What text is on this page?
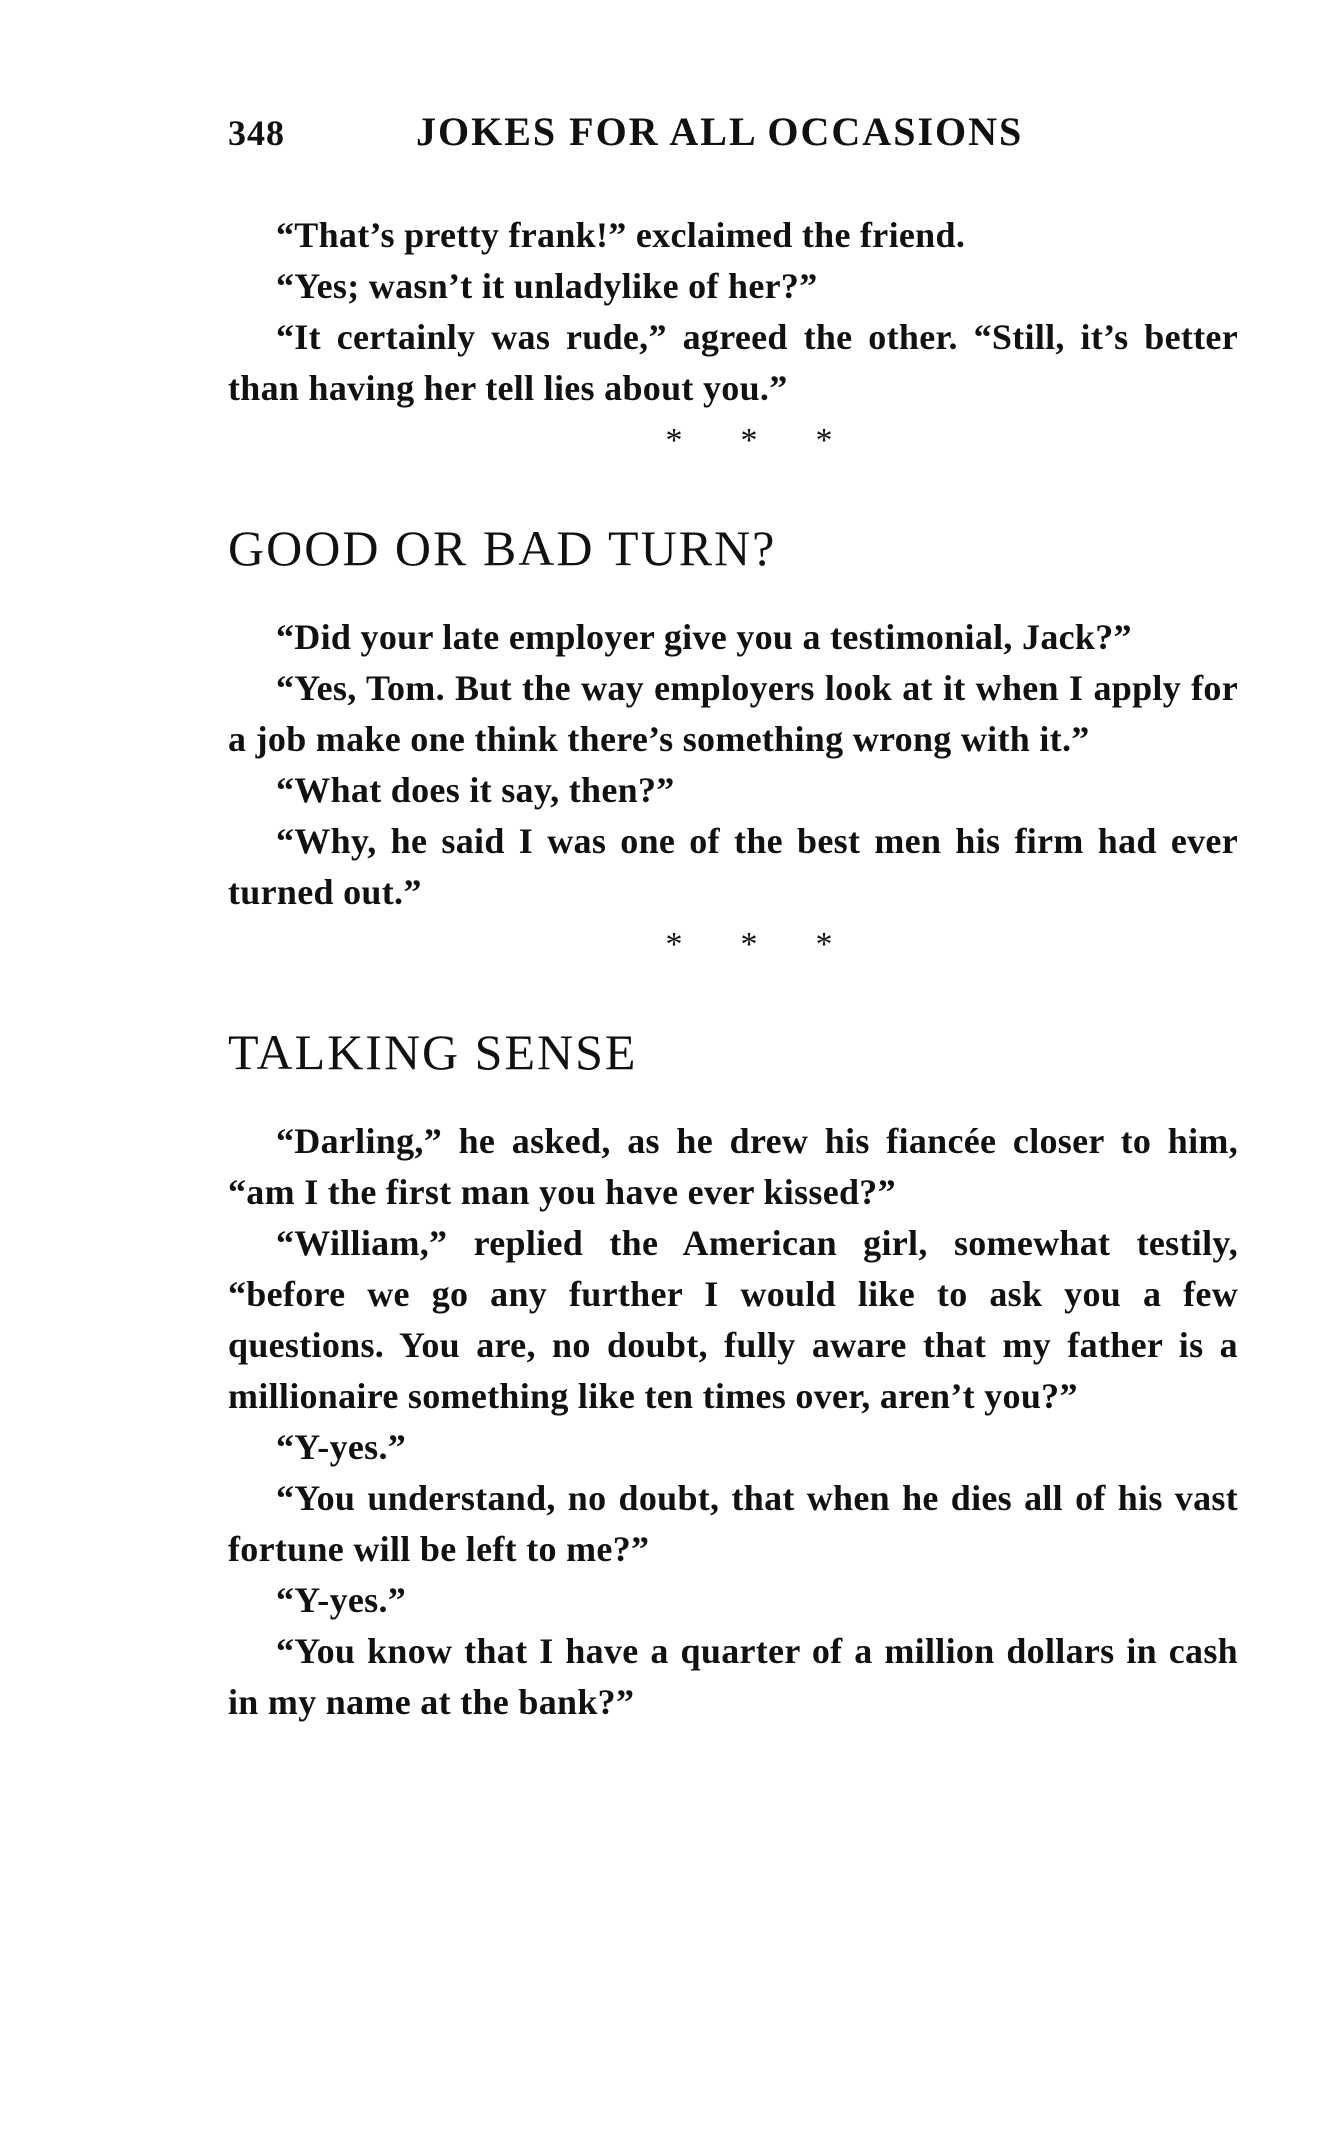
348	JOKES FOR ALL OCCASIONS

“That’s pretty frank!” exclaimed the friend.

“Yes; wasn’t it unladylike of her?”

“It certainly was rude,” agreed the other. “Still, it’s better than having her tell lies about you.”

* * *
GOOD OR BAD TURN?

“Did your late employer give you a testimonial, Jack?”

“Yes, Tom. But the way employers look at it when I apply for a job make one think there’s something wrong with it.”

“What does it say, then?”

“Why, he said I was one of the best men his firm had ever turned out.”

* * *
TALKING SENSE

“Darling,” he asked, as he drew his fiancée closer to him, “am I the first man you have ever kissed?”

“William,” replied the American girl, somewhat testily, “before we go any further I would like to ask you a few questions. You are, no doubt, fully aware that my father is a millionaire something like ten times over, aren’t you?”

“Y-yes.”

“You understand, no doubt, that when he dies all of his vast fortune will be left to me?”

“Y-yes.”

“You know that I have a quarter of a million dollars in cash in my name at the bank?”
